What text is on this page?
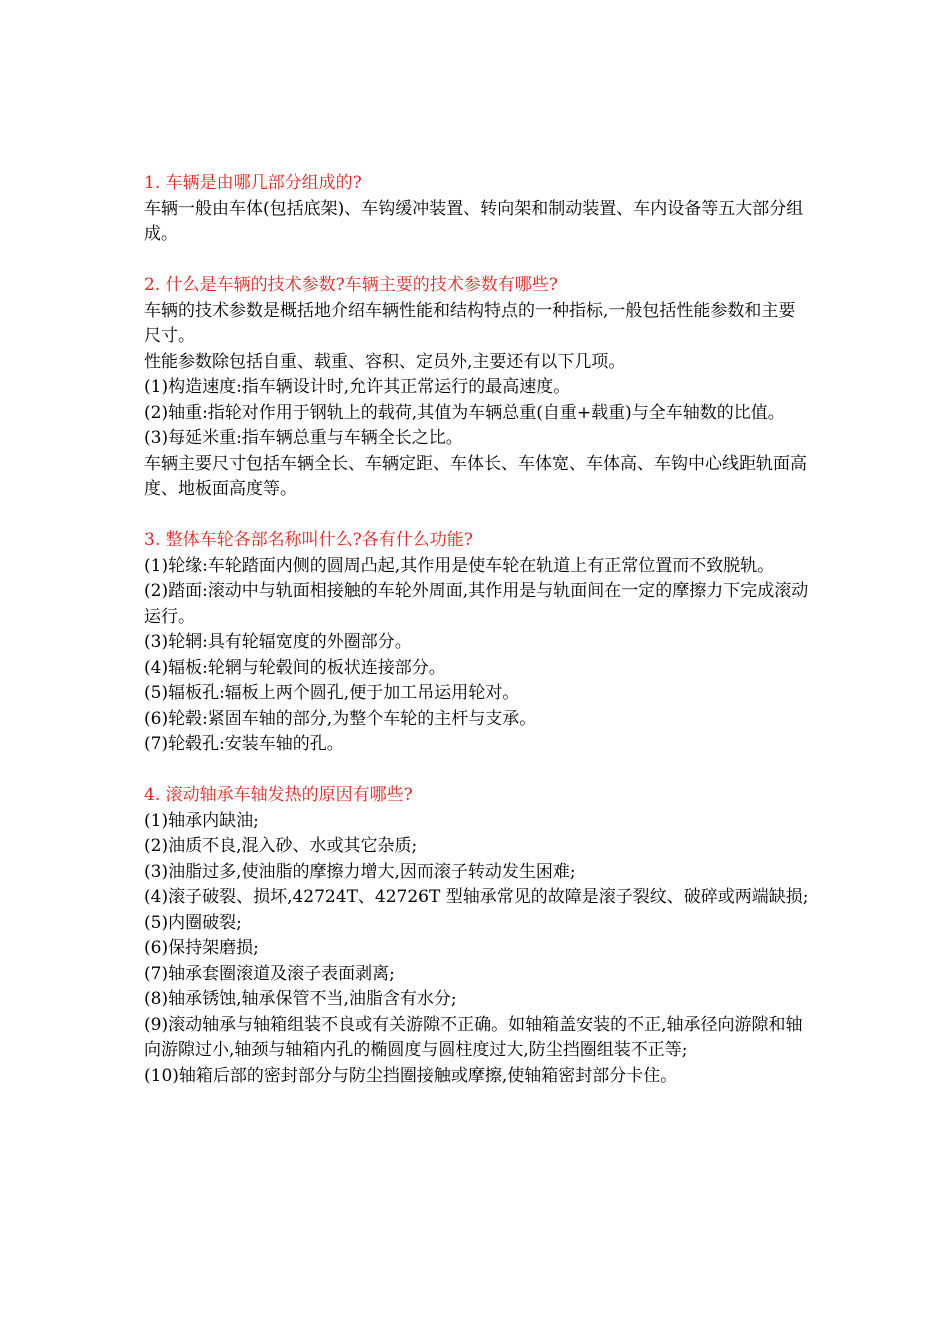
1. 车辆是由哪几部分组成的?

车辆一般由车体(包括底架)、车钩缓冲装置、转向架和制动装置、车内设备等五大部分组成。

2. 什么是车辆的技术参数?车辆主要的技术参数有哪些?

车辆的技术参数是概括地介绍车辆性能和结构特点的一种指标,一般包括性能参数和主要尺寸。

性能参数除包括自重、载重、容积、定员外,主要还有以下几项。

(1)构造速度:指车辆设计时,允许其正常运行的最高速度。

(2)轴重:指轮对作用于钢轨上的载荷,其值为车辆总重(自重+载重)与全车轴数的比值。

(3)每延米重:指车辆总重与车辆全长之比。

车辆主要尺寸包括车辆全长、车辆定距、车体长、车体宽、车体高、车钩中心线距轨面高度、地板面高度等。

3. 整体车轮各部名称叫什么?各有什么功能?

(1)轮缘:车轮踏面内侧的圆周凸起,其作用是使车轮在轨道上有正常位置而不致脱轨。

(2)踏面:滚动中与轨面相接触的车轮外周面,其作用是与轨面间在一定的摩擦力下完成滚动运行。

(3)轮辋:具有轮辐宽度的外圈部分。

(4)辐板:轮辋与轮毂间的板状连接部分。

(5)辐板孔:辐板上两个圆孔,便于加工吊运用轮对。

(6)轮毂:紧固车轴的部分,为整个车轮的主杆与支承。

(7)轮毂孔:安装车轴的孔。

4. 滚动轴承车轴发热的原因有哪些?

(1)轴承内缺油;

(2)油质不良,混入砂、水或其它杂质;

(3)油脂过多,使油脂的摩擦力增大,因而滚子转动发生困难;

(4)滚子破裂、损坏,42724T、42726T 型轴承常见的故障是滚子裂纹、破碎或两端缺损;

(5)内圈破裂;

(6)保持架磨损;

(7)轴承套圈滚道及滚子表面剥离;

(8)轴承锈蚀,轴承保管不当,油脂含有水分;

(9)滚动轴承与轴箱组装不良或有关游隙不正确。如轴箱盖安装的不正,轴承径向游隙和轴向游隙过小,轴颈与轴箱内孔的椭圆度与圆柱度过大,防尘挡圈组装不正等;

(10)轴箱后部的密封部分与防尘挡圈接触或摩擦,使轴箱密封部分卡住。
